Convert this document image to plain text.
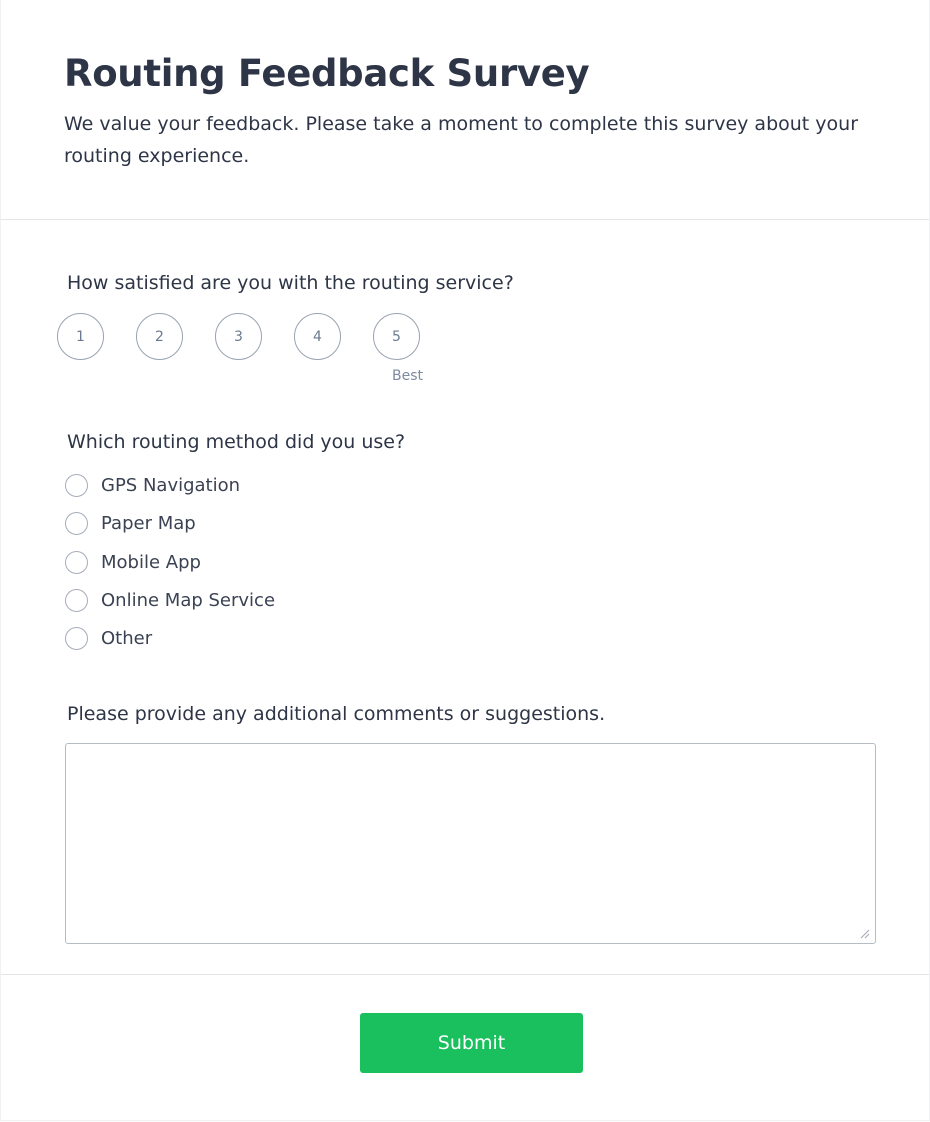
Routing Feedback Survey

We value your feedback. Please take a moment to complete this survey about your routing experience.

How satisfied are you with the routing service?
1	2	3	4	5
Best
Which routing method did you use?
GPS Navigation
Paper Map
Mobile App
Online Map Service
Other
Please provide any additional comments or suggestions.
Submit
